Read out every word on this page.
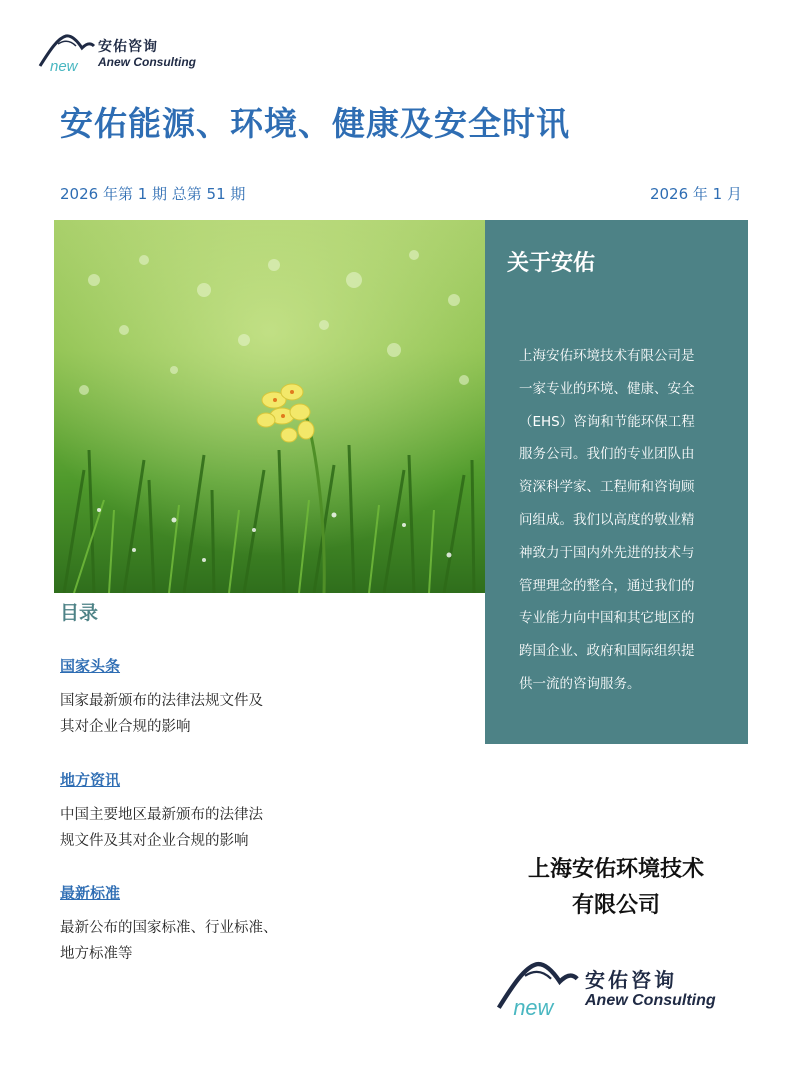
new
安佑咨询
Anew Consulting
安佑能源、环境、健康及安全时讯
2026 年第 1 期 总第 51 期	2026 年 1 月
关于安佑
上海安佑环境技术有限公司是
一家专业的环境、健康、安全
（EHS）咨询和节能环保工程
服务公司。我们的专业团队由
资深科学家、工程师和咨询顾
问组成。我们以高度的敬业精
神致力于国内外先进的技术与
管理理念的整合，通过我们的
专业能力向中国和其它地区的
跨国企业、政府和国际组织提
供一流的咨询服务。
目录
国家头条
国家最新颁布的法律法规文件及
其对企业合规的影响
地方资讯
中国主要地区最新颁布的法律法
规文件及其对企业合规的影响
最新标准
最新公布的国家标准、行业标准、
地方标准等
上海安佑环境技术
有限公司
new
安佑咨询
Anew Consulting
